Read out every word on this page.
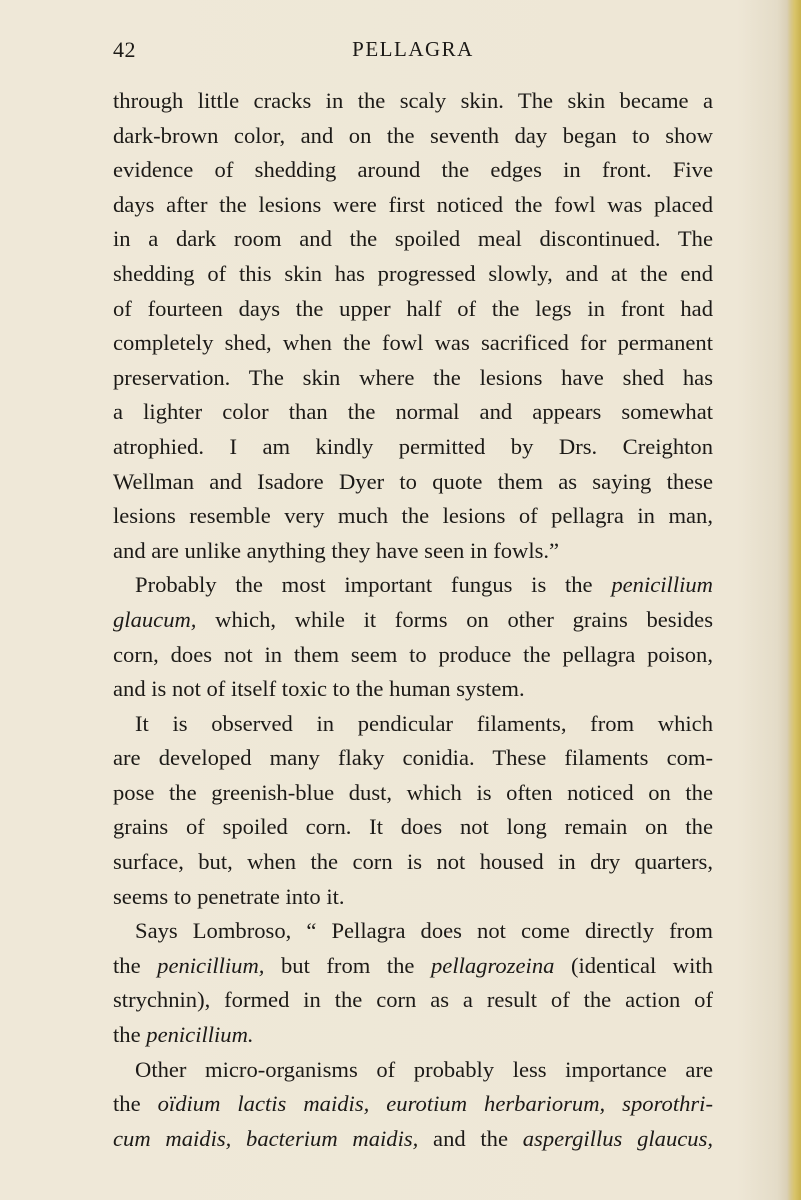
42	PELLAGRA
through little cracks in the scaly skin. The skin became a
dark-brown color, and on the seventh day began to show
evidence of shedding around the edges in front. Five
days after the lesions were first noticed the fowl was placed
in a dark room and the spoiled meal discontinued. The
shedding of this skin has progressed slowly, and at the end
of fourteen days the upper half of the legs in front had
completely shed, when the fowl was sacrificed for permanent
preservation. The skin where the lesions have shed has
a lighter color than the normal and appears somewhat
atrophied. I am kindly permitted by Drs. Creighton
Wellman and Isadore Dyer to quote them as saying these
lesions resemble very much the lesions of pellagra in man,
and are unlike anything they have seen in fowls.”
Probably the most important fungus is the penicillium
glaucum, which, while it forms on other grains besides
corn, does not in them seem to produce the pellagra poison,
and is not of itself toxic to the human system.
It is observed in pendicular filaments, from which
are developed many flaky conidia. These filaments com-
pose the greenish-blue dust, which is often noticed on the
grains of spoiled corn. It does not long remain on the
surface, but, when the corn is not housed in dry quarters,
seems to penetrate into it.
Says Lombroso, “ Pellagra does not come directly from
the penicillium, but from the pellagrozeina (identical with
strychnin), formed in the corn as a result of the action of
the penicillium.
Other micro-organisms of probably less importance are
the oïdium lactis maidis, eurotium herbariorum, sporothri-
cum maidis, bacterium maidis, and the aspergillus glaucus,
